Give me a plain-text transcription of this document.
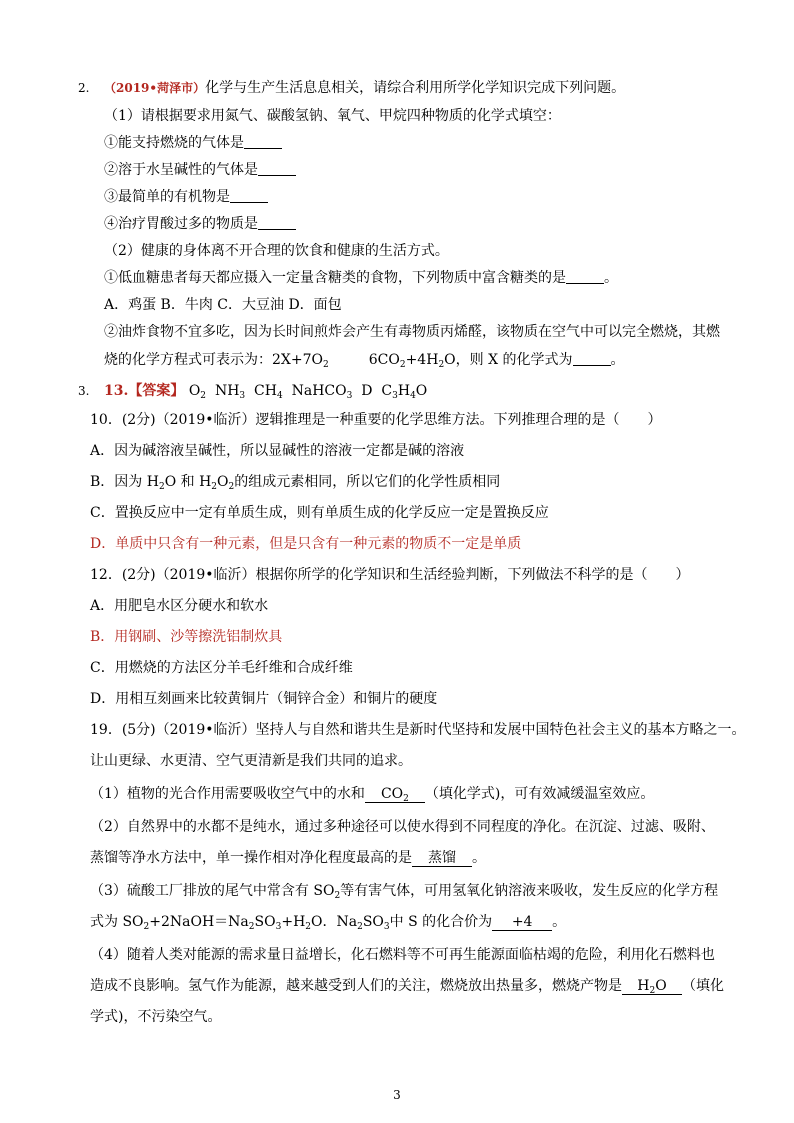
2. （2019•菏泽市）化学与生产生活息息相关，请综合利用所学化学知识完成下列问题。
（1）请根据要求用氮气、碳酸氢钠、氧气、甲烷四种物质的化学式填空：
①能支持燃烧的气体是
②溶于水呈碱性的气体是
③最简单的有机物是
④治疗胃酸过多的物质是
（2）健康的身体离不开合理的饮食和健康的生活方式。
①低血糖患者每天都应摄入一定量含糖类的食物，下列物质中富含糖类的是	。
A．鸡蛋 B．牛肉 C．大豆油 D．面包
②油炸食物不宜多吃，因为长时间煎炸会产生有毒物质丙烯醛，该物质在空气中可以完全燃烧，其燃
烧的化学方程式可表示为：$2X+7O_2$	$6CO_2+4H_2O$，则 X 的化学式为	。
3. 13.【答案】 $O_2$ $NH_3$ $CH_4$ NaHCO$_3$ D $C_3H_4O$
10．(2分)（2019•临沂）逻辑推理是一种重要的化学思维方法。下列推理合理的是（　　）
A．因为碱溶液呈碱性，所以显碱性的溶液一定都是碱的溶液
B．因为 $H_2O$ 和 $H_2O_2$的组成元素相同，所以它们的化学性质相同
C．置换反应中一定有单质生成，则有单质生成的化学反应一定是置换反应
D．单质中只含有一种元素，但是只含有一种元素的物质不一定是单质
12．(2分)（2019•临沂）根据你所学的化学知识和生活经验判断，下列做法不科学的是（　　）
A．用肥皂水区分硬水和软水
B．用钢刷、沙等擦洗铝制炊具
C．用燃烧的方法区分羊毛纤维和合成纤维
D．用相互刻画来比较黄铜片（铜锌合金）和铜片的硬度
19．(5分)（2019•临沂）坚持人与自然和谐共生是新时代坚持和发展中国特色社会主义的基本方略之一。
让山更绿、水更清、空气更清新是我们共同的追求。
（1）植物的光合作用需要吸收空气中的水和 $CO_2$ （填化学式)，可有效减缓温室效应。
（2）自然界中的水都不是纯水，通过多种途径可以使水得到不同程度的净化。在沉淀、过滤、吸附、
蒸馏等净水方法中，单一操作相对净化程度最高的是 蒸馏 。
（3）硫酸工厂排放的尾气中常含有 $SO_2$等有害气体，可用氢氧化钠溶液来吸收，发生反应的化学方程
式为 $SO_2+2NaOH=Na_2SO_3+H_2O$．$Na_2SO_3$中 S 的化合价为 +4 。
（4）随着人类对能源的需求量日益增长，化石燃料等不可再生能源面临枯竭的危险，利用化石燃料也
造成不良影响。氢气作为能源，越来越受到人们的关注，燃烧放出热量多，燃烧产物是 $H_2O$ （填化
学式)，不污染空气。
3
